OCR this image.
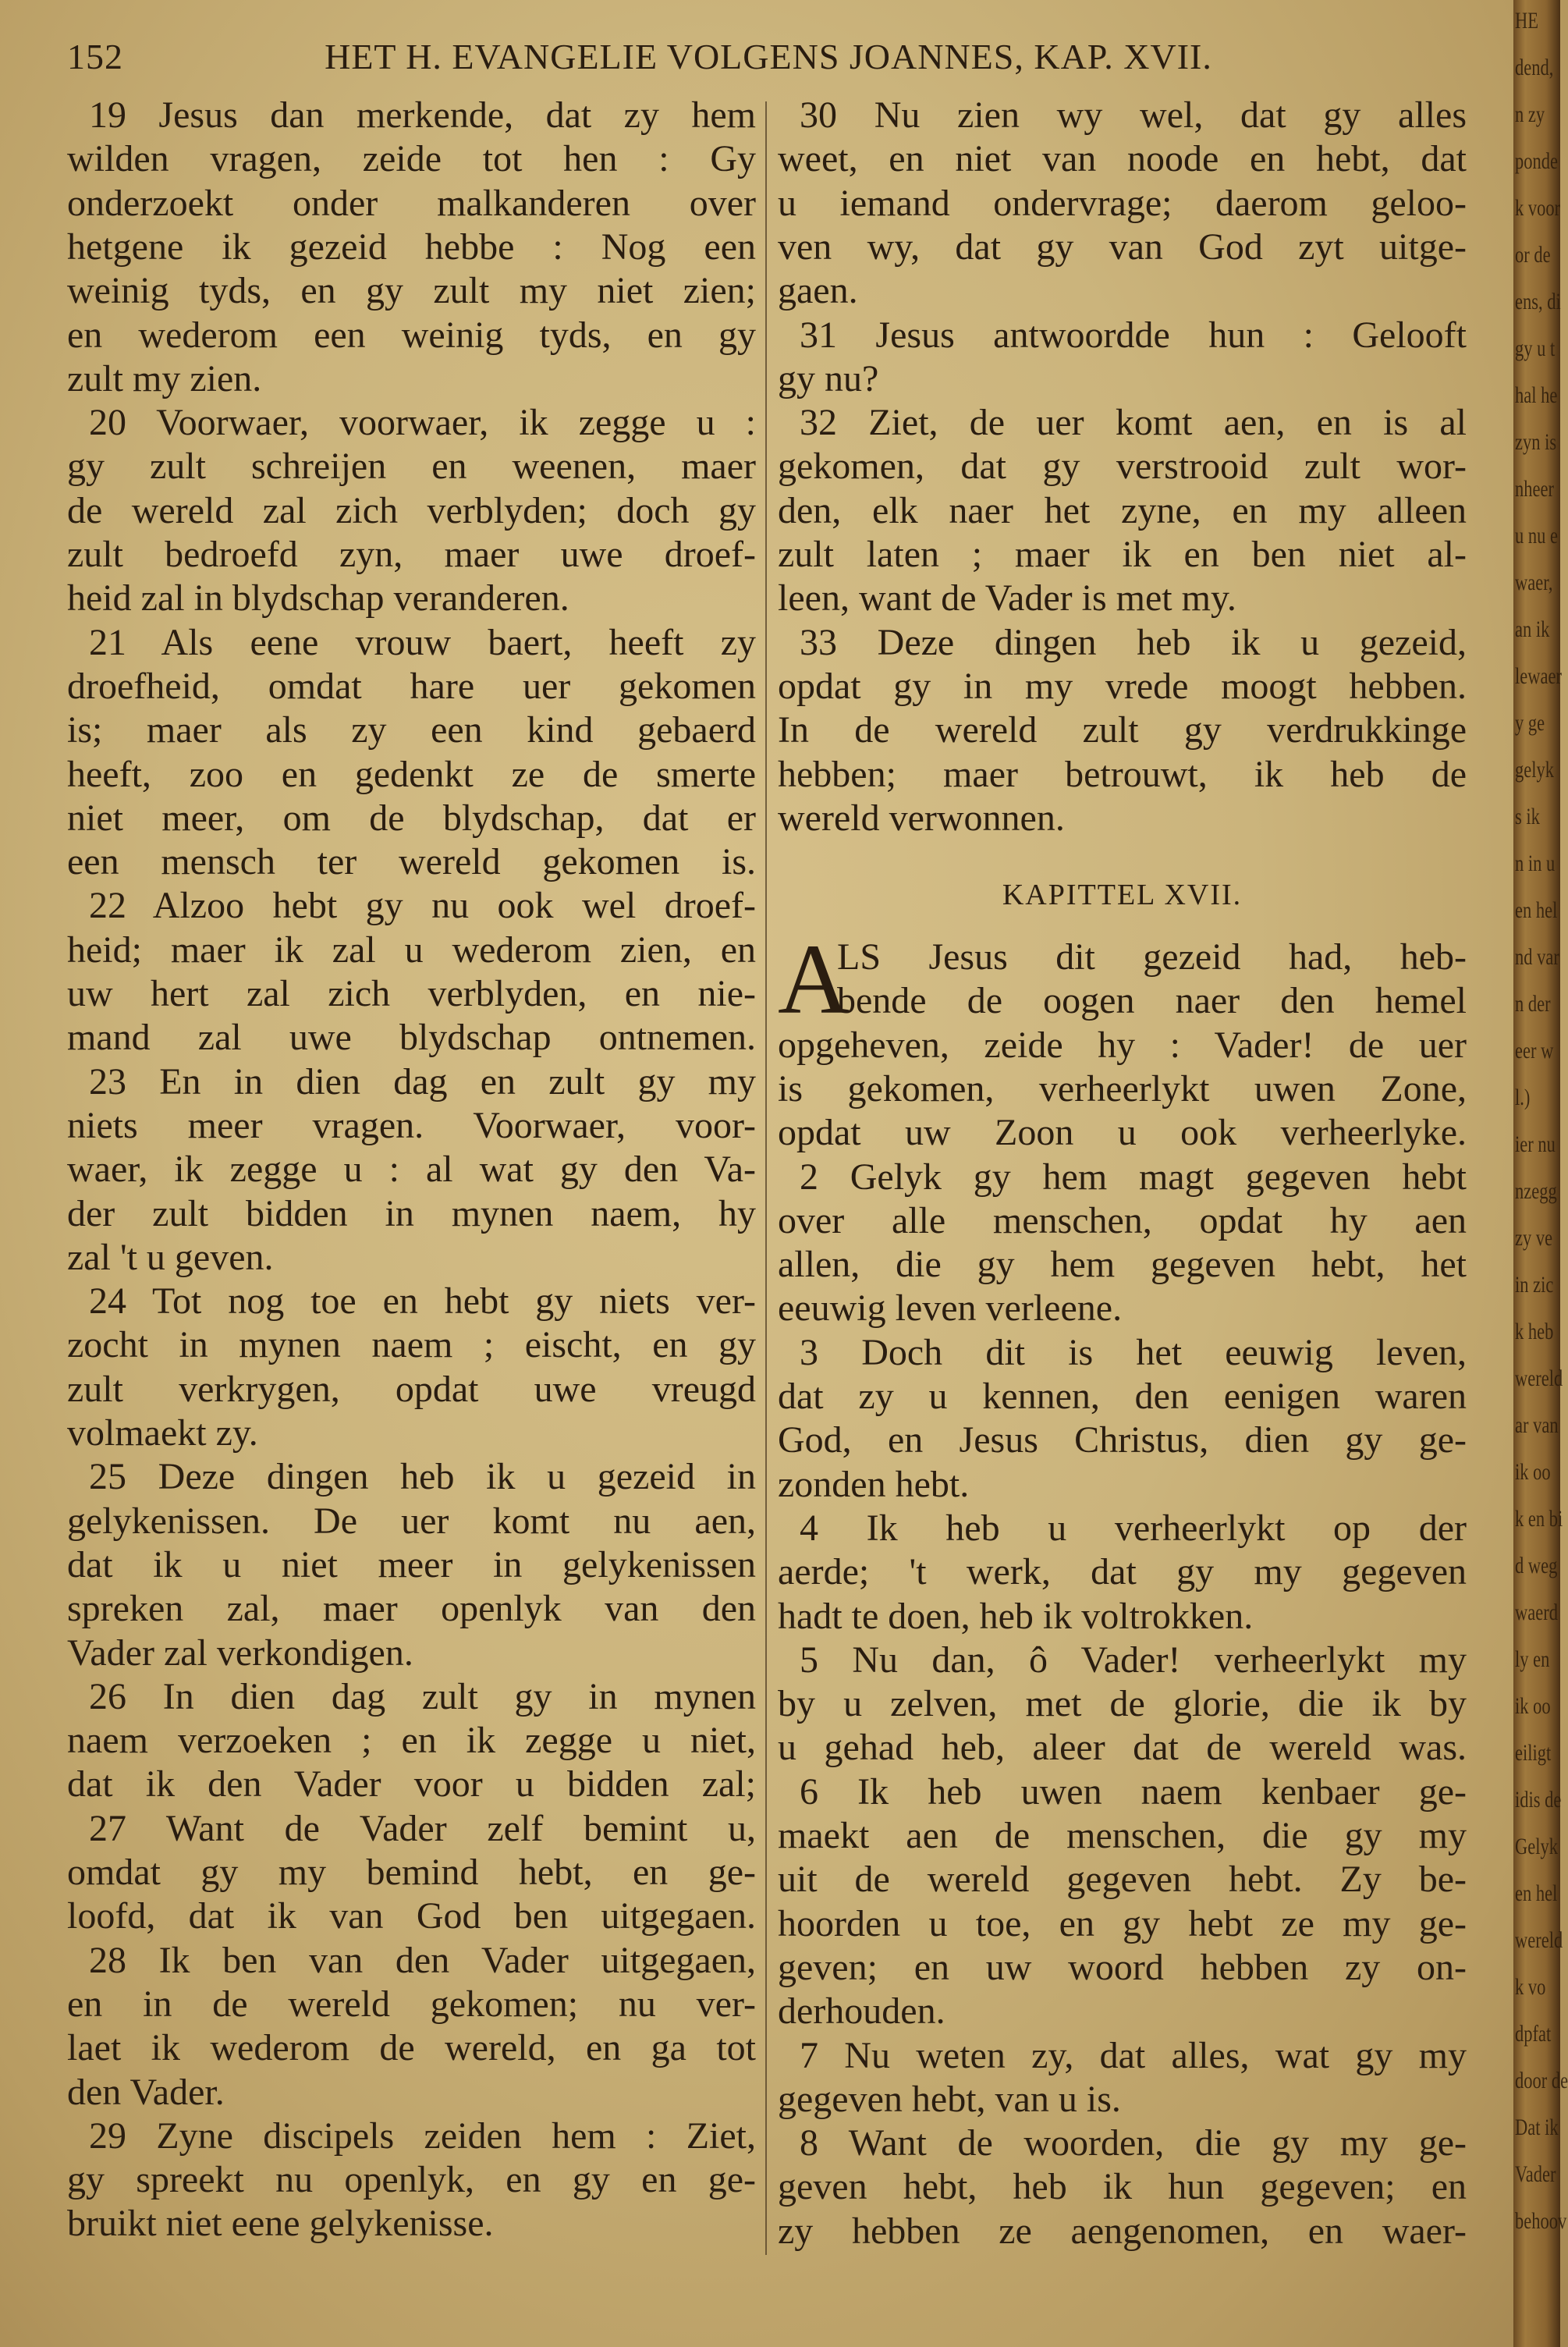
152	HET H. EVANGELIE VOLGENS JOANNES, KAP. XVII.
19 Jesus dan merkende, dat zy hem
wilden vragen, zeide tot hen : Gy
onderzoekt onder malkanderen over
hetgene ik gezeid hebbe : Nog een
weinig tyds, en gy zult my niet zien;
en wederom een weinig tyds, en gy
zult my zien.
20 Voorwaer, voorwaer, ik zegge u :
gy zult schreijen en weenen, maer
de wereld zal zich verblyden; doch gy
zult bedroefd zyn, maer uwe droef-
heid zal in blydschap veranderen.
21 Als eene vrouw baert, heeft zy
droefheid, omdat hare uer gekomen
is; maer als zy een kind gebaerd
heeft, zoo en gedenkt ze de smerte
niet meer, om de blydschap, dat er
een mensch ter wereld gekomen is.
22 Alzoo hebt gy nu ook wel droef-
heid; maer ik zal u wederom zien, en
uw hert zal zich verblyden, en nie-
mand zal uwe blydschap ontnemen.
23 En in dien dag en zult gy my
niets meer vragen. Voorwaer, voor-
waer, ik zegge u : al wat gy den Va-
der zult bidden in mynen naem, hy
zal 't u geven.
24 Tot nog toe en hebt gy niets ver-
zocht in mynen naem ; eischt, en gy
zult verkrygen, opdat uwe vreugd
volmaekt zy.
25 Deze dingen heb ik u gezeid in
gelykenissen. De uer komt nu aen,
dat ik u niet meer in gelykenissen
spreken zal, maer openlyk van den
Vader zal verkondigen.
26 In dien dag zult gy in mynen
naem verzoeken ; en ik zegge u niet,
dat ik den Vader voor u bidden zal;
27 Want de Vader zelf bemint u,
omdat gy my bemind hebt, en ge-
loofd, dat ik van God ben uitgegaen.
28 Ik ben van den Vader uitgegaen,
en in de wereld gekomen; nu ver-
laet ik wederom de wereld, en ga tot
den Vader.
29 Zyne discipels zeiden hem : Ziet,
gy spreekt nu openlyk, en gy en ge-
bruikt niet eene gelykenisse.
30 Nu zien wy wel, dat gy alles
weet, en niet van noode en hebt, dat
u iemand ondervrage; daerom geloo-
ven wy, dat gy van God zyt uitge-
gaen.
31 Jesus antwoordde hun : Gelooft
gy nu?
32 Ziet, de uer komt aen, en is al
gekomen, dat gy verstrooid zult wor-
den, elk naer het zyne, en my alleen
zult laten ; maer ik en ben niet al-
leen, want de Vader is met my.
33 Deze dingen heb ik u gezeid,
opdat gy in my vrede moogt hebben.
In de wereld zult gy verdrukkinge
hebben; maer betrouwt, ik heb de
wereld verwonnen.
KAPITTEL XVII.
A
LS Jesus dit gezeid had, heb-
bende de oogen naer den hemel
opgeheven, zeide hy : Vader! de uer
is gekomen, verheerlykt uwen Zone,
opdat uw Zoon u ook verheerlyke.
2 Gelyk gy hem magt gegeven hebt
over alle menschen, opdat hy aen
allen, die gy hem gegeven hebt, het
eeuwig leven verleene.
3 Doch dit is het eeuwig leven,
dat zy u kennen, den eenigen waren
God, en Jesus Christus, dien gy ge-
zonden hebt.
4 Ik heb u verheerlykt op der
aerde; 't werk, dat gy my gegeven
hadt te doen, heb ik voltrokken.
5 Nu dan, ô Vader! verheerlykt my
by u zelven, met de glorie, die ik by
u gehad heb, aleer dat de wereld was.
6 Ik heb uwen naem kenbaer ge-
maekt aen de menschen, die gy my
uit de wereld gegeven hebt. Zy be-
hoorden u toe, en gy hebt ze my ge-
geven; en uw woord hebben zy on-
derhouden.
7 Nu weten zy, dat alles, wat gy my
gegeven hebt, van u is.
8 Want de woorden, die gy my ge-
geven hebt, heb ik hun gegeven; en
zy hebben ze aengenomen, en waer-
HE
dend,
n zy
ponde
k voor
or de
ens, di
gy u t
hal he
zyn is
nheer
u nu e
waer,
an ik
lewaer
y ge
gelyk
s ik
n in u
en hel
nd var
n der
eer w
l.)
ier nu
nzegg
zy ve
in zic
k heb
wereld
ar van
ik oo
k en bi
d weg
waerd
ly en
ik oo
eiligt
idis de
Gelyk
en hel
wereld
k vo
dpfat
door de
Dat ik
Vader
behoov
